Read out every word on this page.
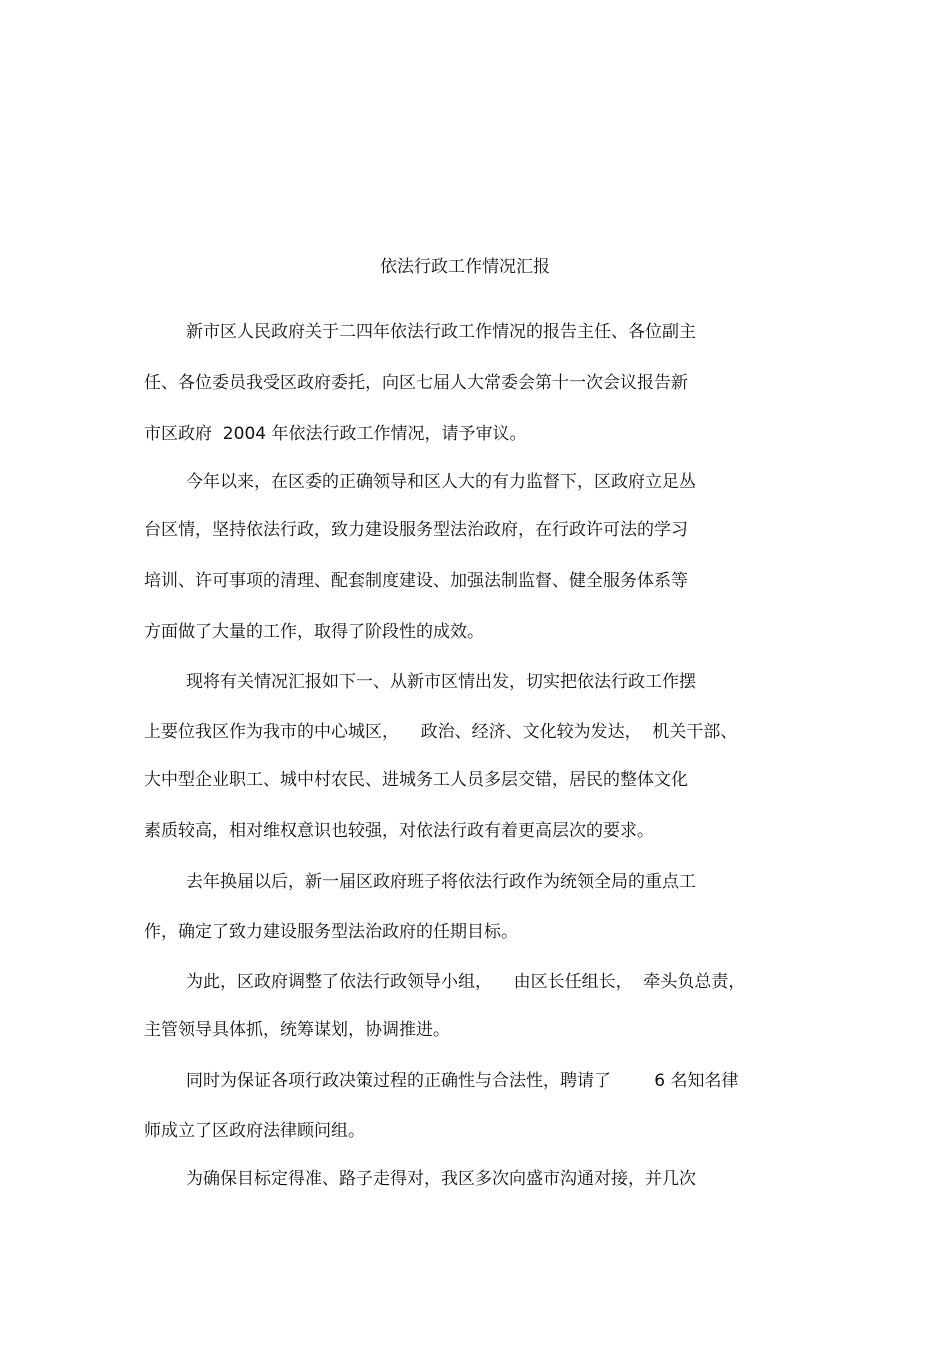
依法行政工作情况汇报
新市区人民政府关于二四年依法行政工作情况的报告主任、各位副主
任、各位委员我受区政府委托，向区七届人大常委会第十一次会议报告新
市区政府  2004 年依法行政工作情况，请予审议。
今年以来，在区委的正确领导和区人大的有力监督下，区政府立足丛
台区情，坚持依法行政，致力建设服务型法治政府，在行政许可法的学习
培训、许可事项的清理、配套制度建设、加强法制监督、健全服务体系等
方面做了大量的工作，取得了阶段性的成效。
现将有关情况汇报如下一、从新市区情出发，切实把依法行政工作摆
上要位我区作为我市的中心城区，    政治、经济、文化较为发达，  机关干部、
大中型企业职工、城中村农民、进城务工人员多层交错，居民的整体文化
素质较高，相对维权意识也较强，对依法行政有着更高层次的要求。
去年换届以后，新一届区政府班子将依法行政作为统领全局的重点工
作，确定了致力建设服务型法治政府的任期目标。
为此，区政府调整了依法行政领导小组，    由区长任组长，  牵头负总责，
主管领导具体抓，统筹谋划，协调推进。
同时为保证各项行政决策过程的正确性与合法性，聘请了        6 名知名律
师成立了区政府法律顾问组。
为确保目标定得准、路子走得对，我区多次向盛市沟通对接，并几次
